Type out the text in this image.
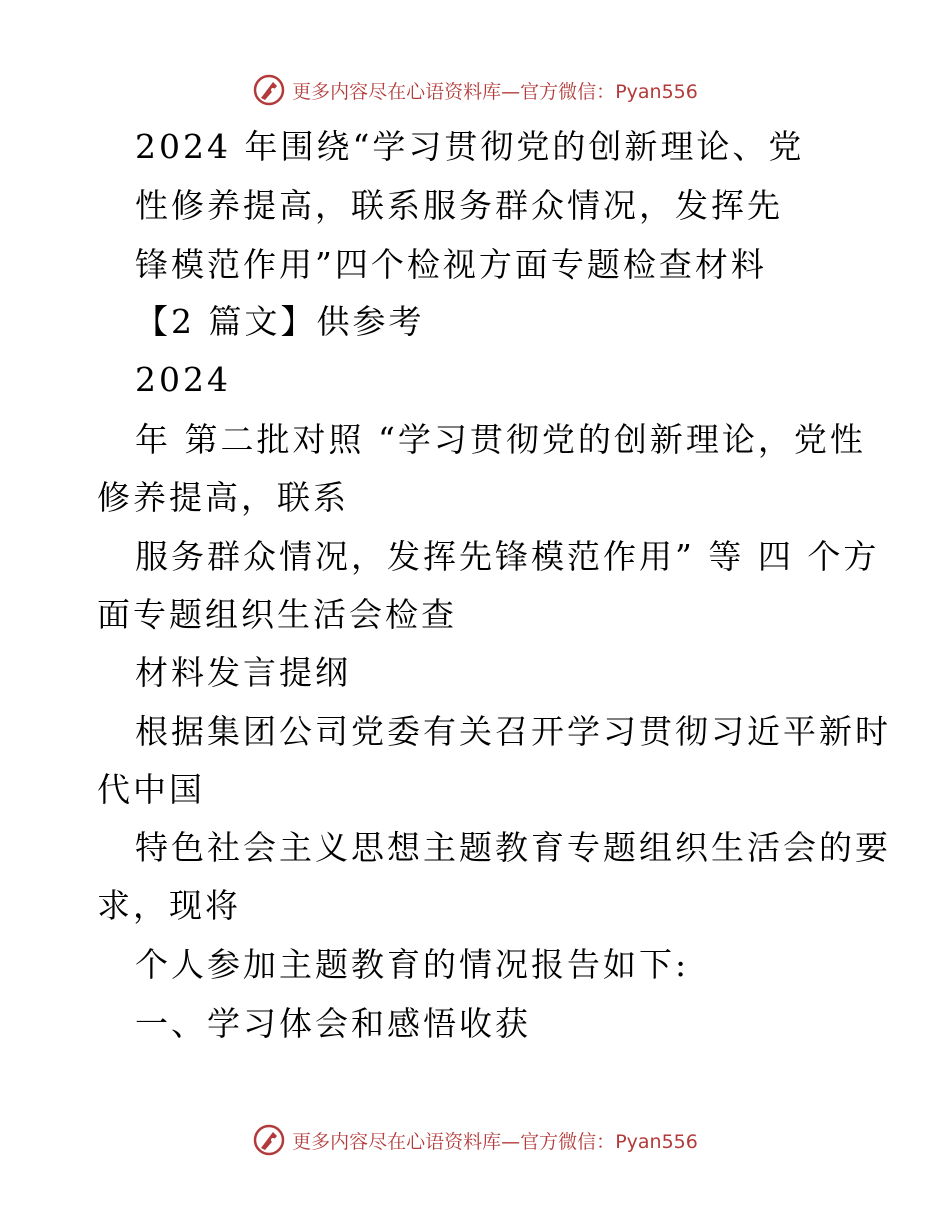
更多内容尽在心语资料库—官方微信：Pyan556
2024 年围绕“学习贯彻党的创新理论、党
性修养提高，联系服务群众情况，发挥先
锋模范作用”四个检视方面专题检查材料
【2 篇文】供参考
2024
年 第二批对照 “学习贯彻党的创新理论，党性
修养提高，联系
服务群众情况，发挥先锋模范作用” 等 四 个方
面专题组织生活会检查
材料发言提纲
根据集团公司党委有关召开学习贯彻习近平新时
代中国
特色社会主义思想主题教育专题组织生活会的要
求，现将
个人参加主题教育的情况报告如下:
一、学习体会和感悟收获
更多内容尽在心语资料库—官方微信：Pyan556
